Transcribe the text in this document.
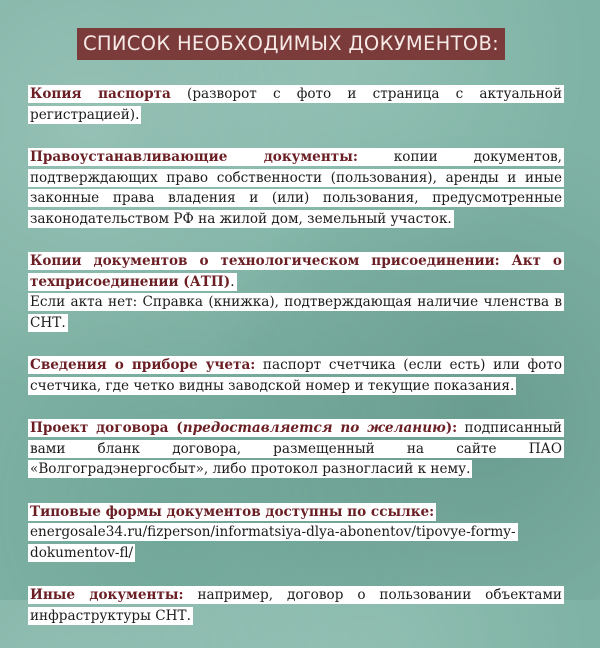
СПИСОК НЕОБХОДИМЫХ ДОКУМЕНТОВ:

Копия паспорта (разворот с фото и страница с актуальной регистрацией).

Правоустанавливающие документы: копии документов, подтверждающих право собственности (пользования), аренды и иные законные права владения и (или) пользования, предусмотренные законодательством РФ на жилой дом, земельный участок.

Копии документов о технологическом присоединении: Акт о техприсоединении (АТП).
Если акта нет: Справка (книжка), подтверждающая наличие членства в СНТ.

Сведения о приборе учета: паспорт счетчика (если есть) или фото счетчика, где четко видны заводской номер и текущие показания.

Проект договора (предоставляется по желанию): подписанный вами бланк договора, размещенный на сайте ПАО «Волгоградэнергосбыт», либо протокол разногласий к нему.

Типовые формы документов доступны по ссылке:
energosale34.ru/fizperson/informatsiya-dlya-abonentov/tipovye-formy-dokumentov-fl/

Иные документы: например, договор о пользовании объектами инфраструктуры СНТ.
